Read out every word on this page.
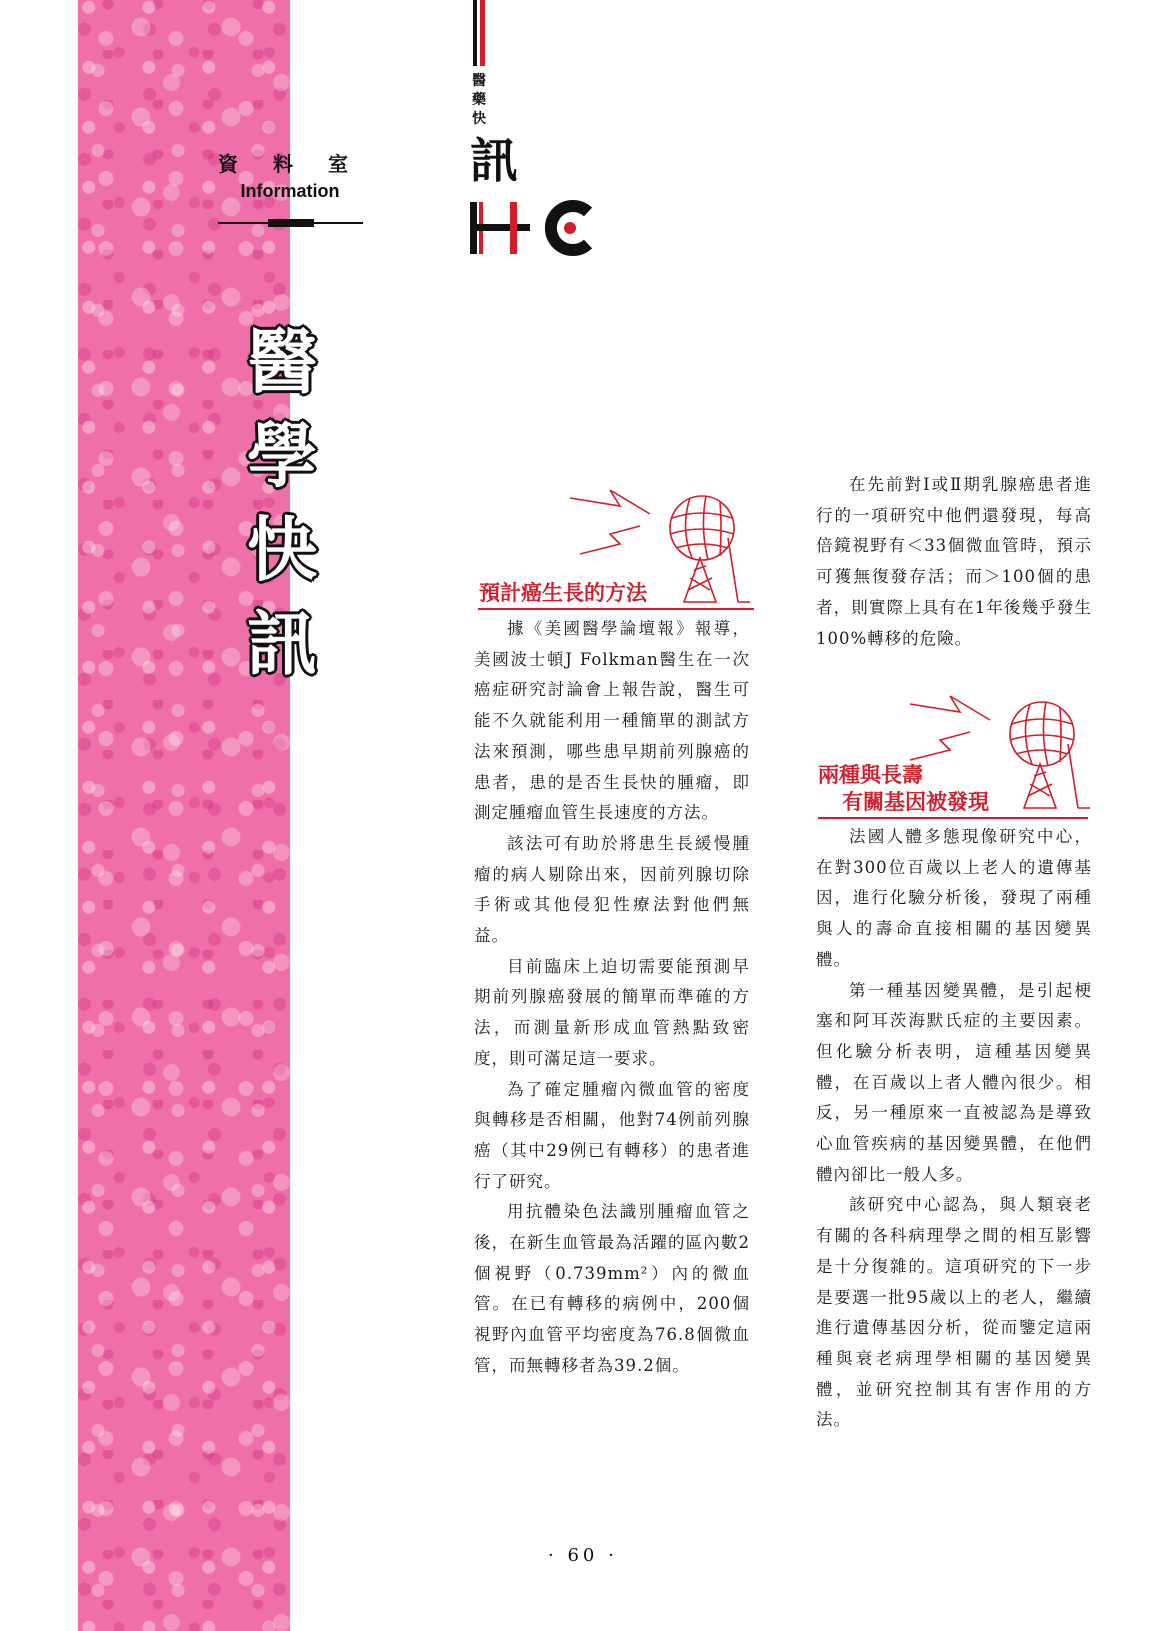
資 料 室
Information
醫
學
快
訊
醫
藥
快
訊
預計癌生長的方法

據《美國醫學論壇報》報導，美國波士頓J Folkman醫生在一次癌症研究討論會上報告說，醫生可能不久就能利用一種簡單的測試方法來預測，哪些患早期前列腺癌的患者，患的是否生長快的腫瘤，即測定腫瘤血管生長速度的方法。

該法可有助於將患生長緩慢腫瘤的病人剔除出來，因前列腺切除手術或其他侵犯性療法對他們無益。

目前臨床上迫切需要能預測早期前列腺癌發展的簡單而準確的方法，而測量新形成血管熱點致密度，則可滿足這一要求。

為了確定腫瘤內微血管的密度與轉移是否相關，他對74例前列腺癌（其中29例已有轉移）的患者進行了研究。

用抗體染色法識別腫瘤血管之後，在新生血管最為活躍的區內數2個視野（0.739mm²）內的微血管。在已有轉移的病例中，200個視野內血管平均密度為76.8個微血管，而無轉移者為39.2個。

在先前對Ⅰ或Ⅱ期乳腺癌患者進行的一項研究中他們還發現，每高倍鏡視野有＜33個微血管時，預示可獲無復發存活；而＞100個的患者，則實際上具有在1年後幾乎發生100%轉移的危險。

兩種與長壽
有關基因被發現

法國人體多態現像研究中心，在對300位百歲以上老人的遺傳基因，進行化驗分析後，發現了兩種與人的壽命直接相關的基因變異體。

第一種基因變異體，是引起梗塞和阿耳茨海默氏症的主要因素。但化驗分析表明，這種基因變異體，在百歲以上者人體內很少。相反，另一種原來一直被認為是導致心血管疾病的基因變異體，在他們體內卻比一般人多。

該研究中心認為，與人類衰老有關的各科病理學之間的相互影響是十分復雜的。這項研究的下一步是要選一批95歲以上的老人，繼續進行遺傳基因分析，從而鑒定這兩種與衰老病理學相關的基因變異體，並研究控制其有害作用的方法。

· 60 ·
